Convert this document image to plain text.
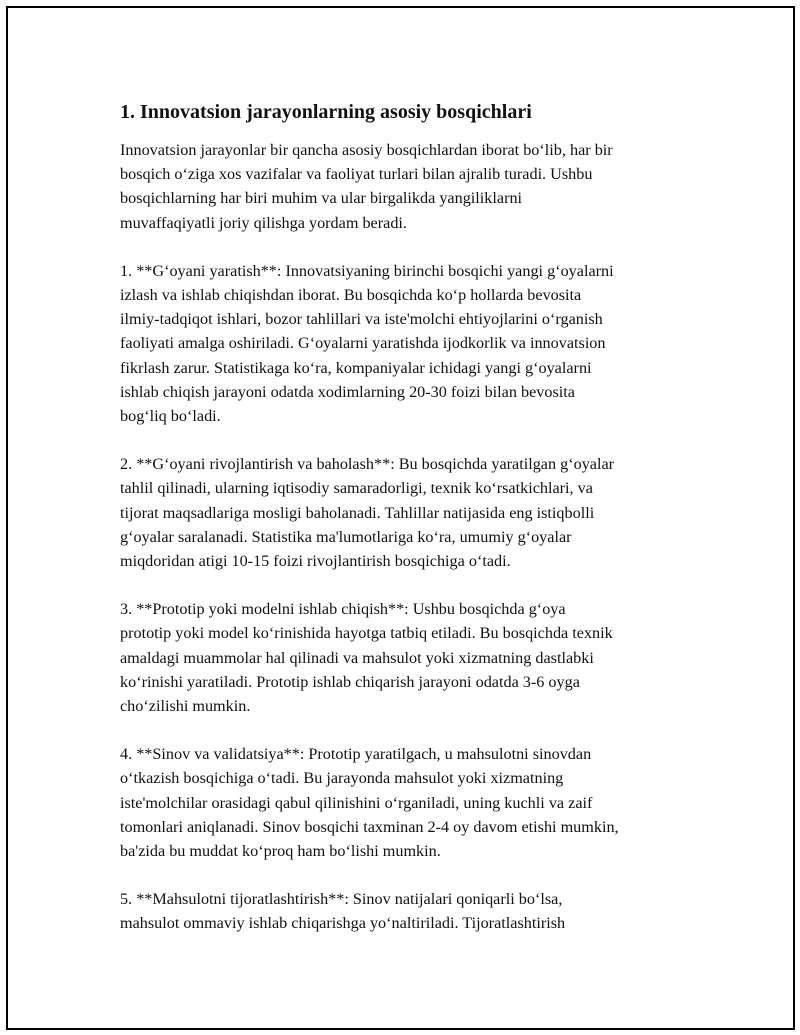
1. Innovatsion jarayonlarning asosiy bosqichlari
Innovatsion jarayonlar bir qancha asosiy bosqichlardan iborat bo‘lib, har bir
bosqich o‘ziga xos vazifalar va faoliyat turlari bilan ajralib turadi. Ushbu
bosqichlarning har biri muhim va ular birgalikda yangiliklarni
muvaffaqiyatli joriy qilishga yordam beradi.
1. **G‘oyani yaratish**: Innovatsiyaning birinchi bosqichi yangi g‘oyalarni
izlash va ishlab chiqishdan iborat. Bu bosqichda ko‘p hollarda bevosita
ilmiy-tadqiqot ishlari, bozor tahlillari va iste'molchi ehtiyojlarini o‘rganish
faoliyati amalga oshiriladi. G‘oyalarni yaratishda ijodkorlik va innovatsion
fikrlash zarur. Statistikaga ko‘ra, kompaniyalar ichidagi yangi g‘oyalarni
ishlab chiqish jarayoni odatda xodimlarning 20-30 foizi bilan bevosita
bog‘liq bo‘ladi.
2. **G‘oyani rivojlantirish va baholash**: Bu bosqichda yaratilgan g‘oyalar
tahlil qilinadi, ularning iqtisodiy samaradorligi, texnik ko‘rsatkichlari, va
tijorat maqsadlariga mosligi baholanadi. Tahlillar natijasida eng istiqbolli
g‘oyalar saralanadi. Statistika ma'lumotlariga ko‘ra, umumiy g‘oyalar
miqdoridan atigi 10-15 foizi rivojlantirish bosqichiga o‘tadi.
3. **Prototip yoki modelni ishlab chiqish**: Ushbu bosqichda g‘oya
prototip yoki model ko‘rinishida hayotga tatbiq etiladi. Bu bosqichda texnik
amaldagi muammolar hal qilinadi va mahsulot yoki xizmatning dastlabki
ko‘rinishi yaratiladi. Prototip ishlab chiqarish jarayoni odatda 3-6 oyga
cho‘zilishi mumkin.
4. **Sinov va validatsiya**: Prototip yaratilgach, u mahsulotni sinovdan
o‘tkazish bosqichiga o‘tadi. Bu jarayonda mahsulot yoki xizmatning
iste'molchilar orasidagi qabul qilinishini o‘rganiladi, uning kuchli va zaif
tomonlari aniqlanadi. Sinov bosqichi taxminan 2-4 oy davom etishi mumkin,
ba'zida bu muddat ko‘proq ham bo‘lishi mumkin.
5. **Mahsulotni tijoratlashtirish**: Sinov natijalari qoniqarli bo‘lsa,
mahsulot ommaviy ishlab chiqarishga yo‘naltiriladi. Tijoratlashtirish
